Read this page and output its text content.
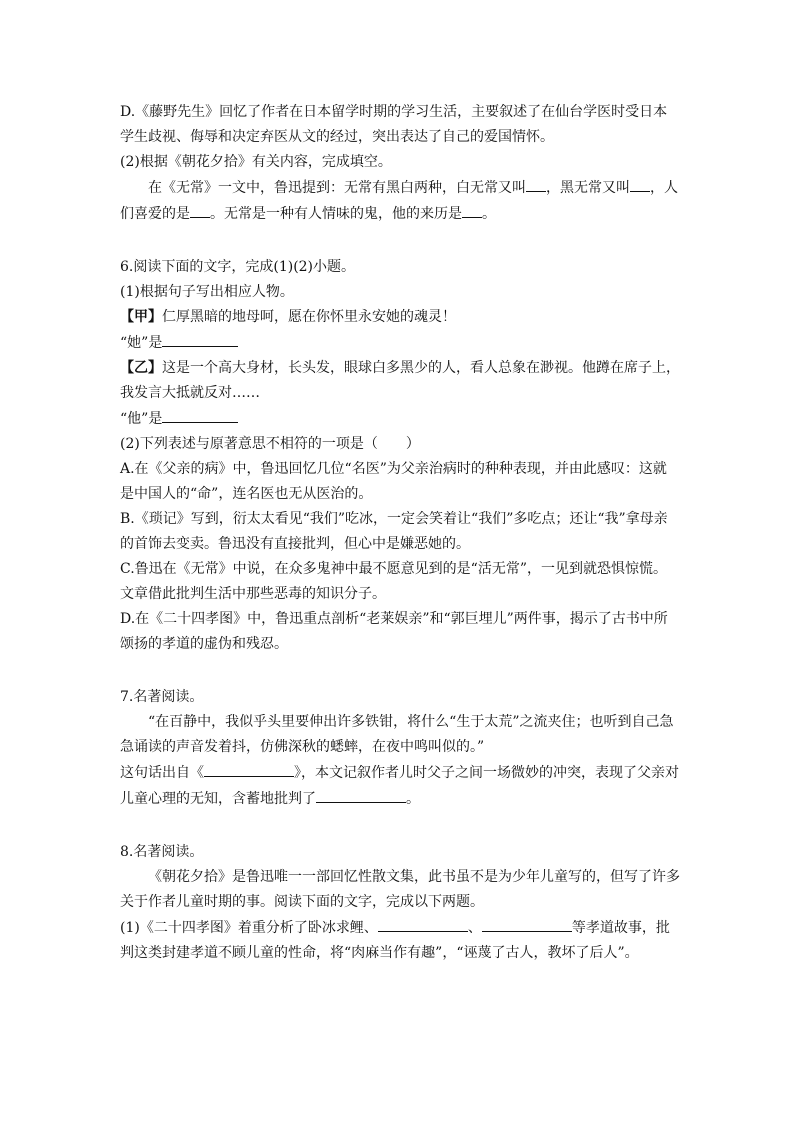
D.《藤野先生》回忆了作者在日本留学时期的学习生活，主要叙述了在仙台学医时受日本学生歧视、侮辱和决定弃医从文的经过，突出表达了自己的爱国情怀。

(2)根据《朝花夕拾》有关内容，完成填空。

在《无常》一文中，鲁迅提到：无常有黑白两种，白无常又叫 ，黑无常又叫 ，人们喜爱的是 。无常是一种有人情味的鬼，他的来历是 。

6.阅读下面的文字，完成(1)(2)小题。

(1)根据句子写出相应人物。

【甲】仁厚黑暗的地母呵，愿在你怀里永安她的魂灵！

“她”是

【乙】这是一个高大身材，长头发，眼球白多黑少的人，看人总象在渺视。他蹲在席子上，我发言大抵就反对……

“他”是

(2)下列表述与原著意思不相符的一项是（　　）

A.在《父亲的病》中，鲁迅回忆几位“名医”为父亲治病时的种种表现，并由此感叹：这就是中国人的“命”，连名医也无从医治的。

B.《琐记》写到，衍太太看见“我们”吃冰，一定会笑着让“我们”多吃点；还让“我”拿母亲的首饰去变卖。鲁迅没有直接批判，但心中是嫌恶她的。

C.鲁迅在《无常》中说，在众多鬼神中最不愿意见到的是“活无常”，一见到就恐惧惊慌。文章借此批判生活中那些恶毒的知识分子。

D.在《二十四孝图》中，鲁迅重点剖析“老莱娱亲”和“郭巨埋儿”两件事，揭示了古书中所颂扬的孝道的虚伪和残忍。

7.名著阅读。

“在百静中，我似乎头里要伸出许多铁钳，将什么“生于太荒”之流夹住；也听到自己急急诵读的声音发着抖，仿佛深秋的蟋蟀，在夜中鸣叫似的。”

这句话出自《	》，本文记叙作者儿时父子之间一场微妙的冲突，表现了父亲对儿童心理的无知，含蓄地批判了	。

8.名著阅读。

《朝花夕拾》是鲁迅唯一一部回忆性散文集，此书虽不是为少年儿童写的，但写了许多关于作者儿童时期的事。阅读下面的文字，完成以下两题。

(1)《二十四孝图》着重分析了卧冰求鲤、	、	等孝道故事，批判这类封建孝道不顾儿童的性命，将“肉麻当作有趣”，“诬蔑了古人，教坏了后人”。
